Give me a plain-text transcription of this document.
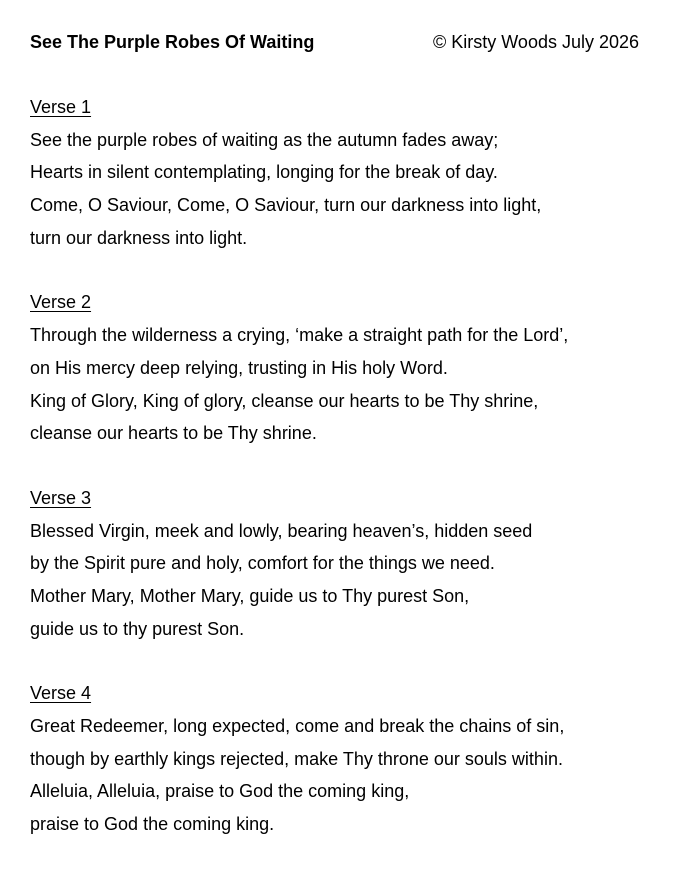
See The Purple Robes Of Waiting	© Kirsty Woods July 2026
Verse 1
See the purple robes of waiting as the autumn fades away;
Hearts in silent contemplating, longing for the break of day.
Come, O Saviour, Come, O Saviour, turn our darkness into light,
turn our darkness into light.
Verse 2
Through the wilderness a crying, ‘make a straight path for the Lord’,
on His mercy deep relying, trusting in His holy Word.
King of Glory, King of glory, cleanse our hearts to be Thy shrine,
cleanse our hearts to be Thy shrine.
Verse 3
Blessed Virgin, meek and lowly, bearing heaven’s, hidden seed
by the Spirit pure and holy, comfort for the things we need.
Mother Mary, Mother Mary, guide us to Thy purest Son,
guide us to thy purest Son.
Verse 4
Great Redeemer, long expected, come and break the chains of sin,
though by earthly kings rejected, make Thy throne our souls within.
Alleluia, Alleluia, praise to God the coming king,
praise to God the coming king.
